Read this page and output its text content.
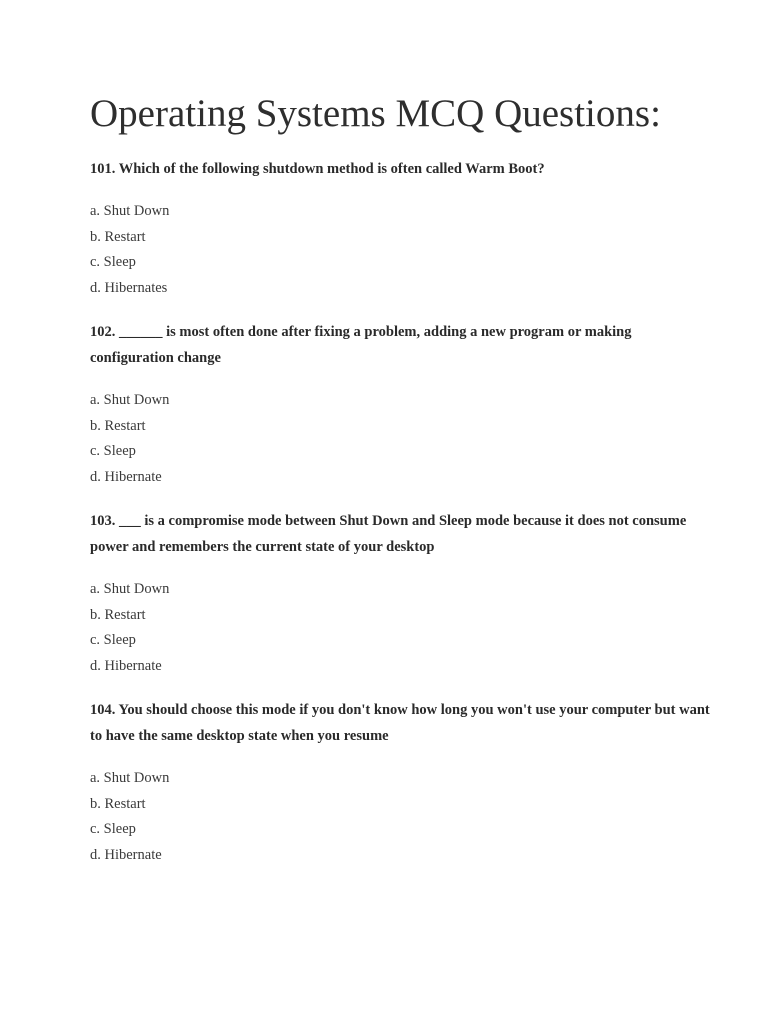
Operating Systems MCQ Questions:

101. Which of the following shutdown method is often called Warm Boot?

a. Shut Down
b. Restart
c. Sleep
d. Hibernates

102. ______ is most often done after fixing a problem, adding a new program or making configuration change

a. Shut Down
b. Restart
c. Sleep
d. Hibernate

103. ___ is a compromise mode between Shut Down and Sleep mode because it does not consume power and remembers the current state of your desktop

a. Shut Down
b. Restart
c. Sleep
d. Hibernate

104. You should choose this mode if you don't know how long you won't use your computer but want to have the same desktop state when you resume

a. Shut Down
b. Restart
c. Sleep
d. Hibernate
